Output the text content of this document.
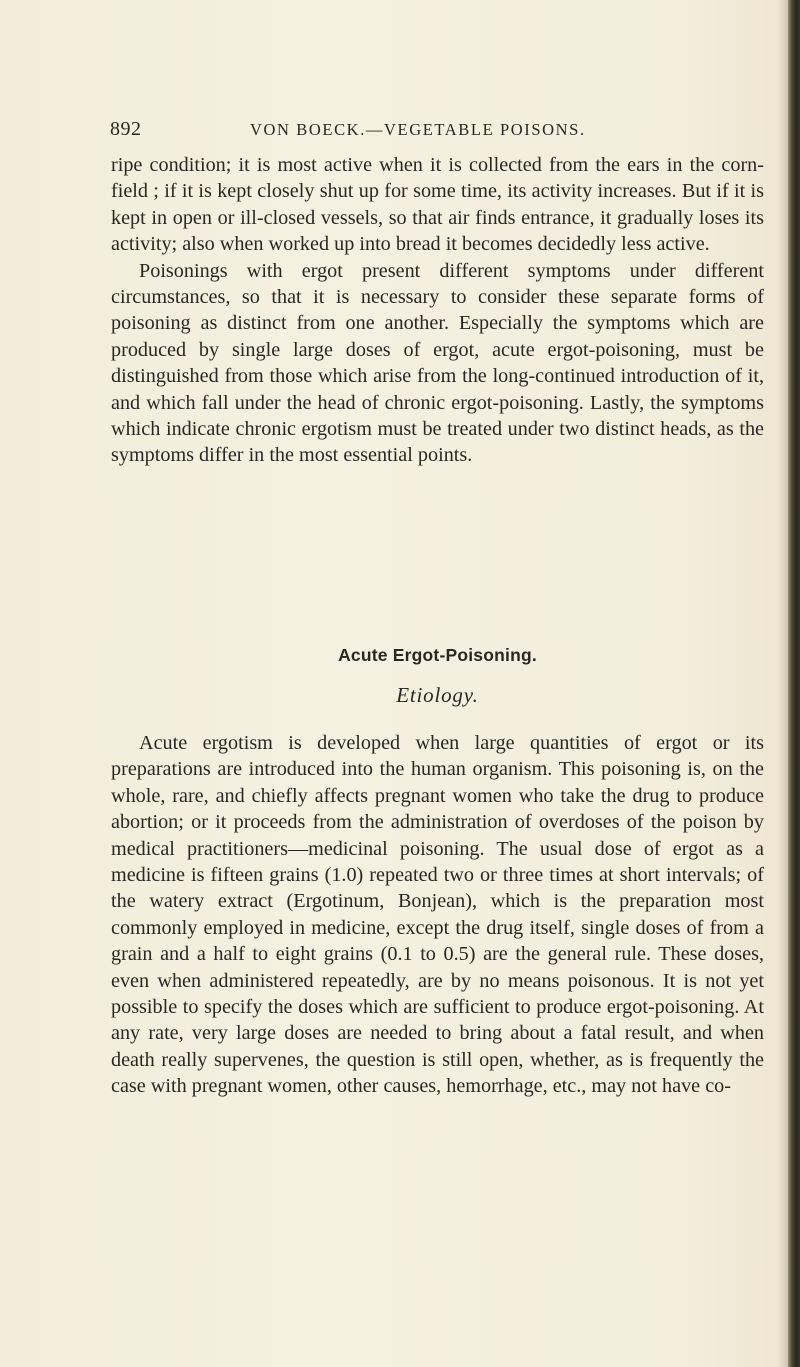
892	VON BOECK.—VEGETABLE POISONS.

ripe condition; it is most active when it is collected from the ears in the corn-field ; if it is kept closely shut up for some time, its activity increases. But if it is kept in open or ill-closed vessels, so that air finds entrance, it gradually loses its activity; also when worked up into bread it becomes decidedly less active.

Poisonings with ergot present different symptoms under different circumstances, so that it is necessary to consider these separate forms of poisoning as distinct from one another. Especially the symptoms which are produced by single large doses of ergot, acute ergot-poisoning, must be distinguished from those which arise from the long-continued introduction of it, and which fall under the head of chronic ergot-poisoning. Lastly, the symptoms which indicate chronic ergotism must be treated under two distinct heads, as the symptoms differ in the most essential points.

Acute Ergot-Poisoning.
Etiology.

Acute ergotism is developed when large quantities of ergot or its preparations are introduced into the human organism. This poisoning is, on the whole, rare, and chiefly affects pregnant women who take the drug to produce abortion; or it proceeds from the administration of overdoses of the poison by medical practitioners—medicinal poisoning. The usual dose of ergot as a medicine is fifteen grains (1.0) repeated two or three times at short intervals; of the watery extract (Ergotinum, Bonjean), which is the preparation most commonly employed in medicine, except the drug itself, single doses of from a grain and a half to eight grains (0.1 to 0.5) are the general rule. These doses, even when administered repeatedly, are by no means poisonous. It is not yet possible to specify the doses which are sufficient to produce ergot-poisoning. At any rate, very large doses are needed to bring about a fatal result, and when death really supervenes, the question is still open, whether, as is frequently the case with pregnant women, other causes, hemorrhage, etc., may not have co-
